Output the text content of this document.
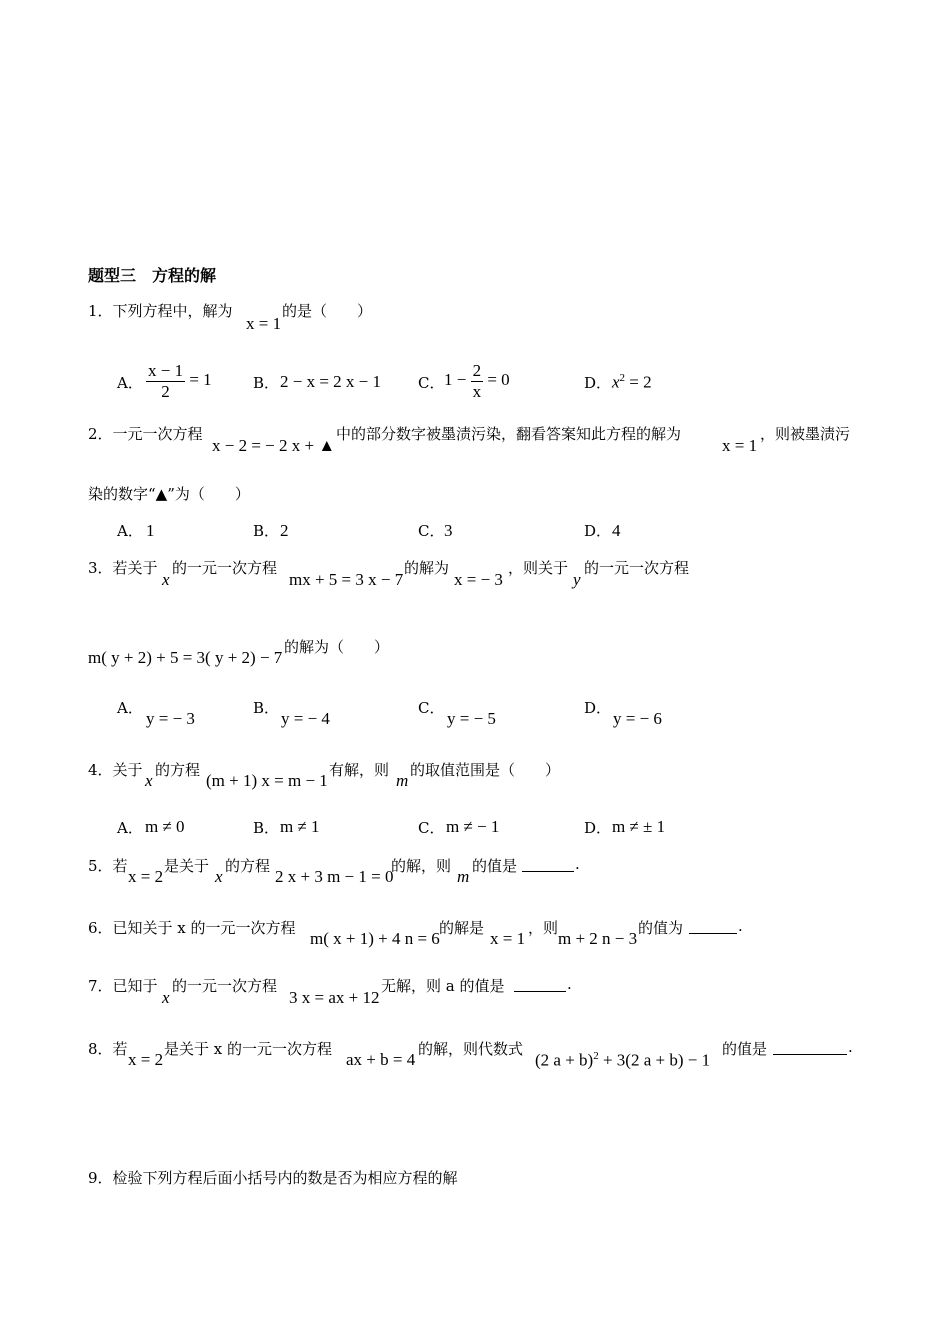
题型三　方程的解
1．下列方程中，解为
x = 1
的是（　　）
A． $\frac{x - 1}{2} = 1$	B． 2 − x = 2 x − 1 C． $1 - \frac{2}{x} = 0$	D． $x^2 = 2$
2．一元一次方程
x − 2 = − 2 x + ▲
中的部分数字被墨渍污染，翻看答案知此方程的解为
x = 1
，则被墨渍污
染的数字“▲”为（　　）
A． 1	B． 2	C． 3	D． 4
3．若关于
x
的一元一次方程
mx + 5 = 3 x − 7
的解为
x = − 3
，则关于
y
的一元一次方程
m( y + 2) + 5 = 3( y + 2) − 7
的解为（　　）
A．
y = − 3
B．
y = − 4
C．
y = − 5
D．
y = − 6
4．关于
x
的方程
(m + 1) x = m − 1
有解，则
m
的取值范围是（　　）
A． m ≠ 0	B． m ≠ 1	C． m ≠ − 1	D． m ≠ ± 1
5．若
x = 2
是关于
x
的方程
2 x + 3 m − 1 = 0
的解，则
m
的值是	.
6．已知关于 x 的一元一次方程
m( x + 1) + 4 n = 6
的解是
x = 1
，则
m + 2 n − 3
的值为	.
7．已知于
x
的一元一次方程
3 x = ax + 12
无解，则 a 的值是	.
8．若
x = 2
是关于 x 的一元一次方程
ax + b = 4
的解，则代数式
(2 a + b)$^2$ + 3(2 a + b) − 1
的值是	.
9．检验下列方程后面小括号内的数是否为相应方程的解
